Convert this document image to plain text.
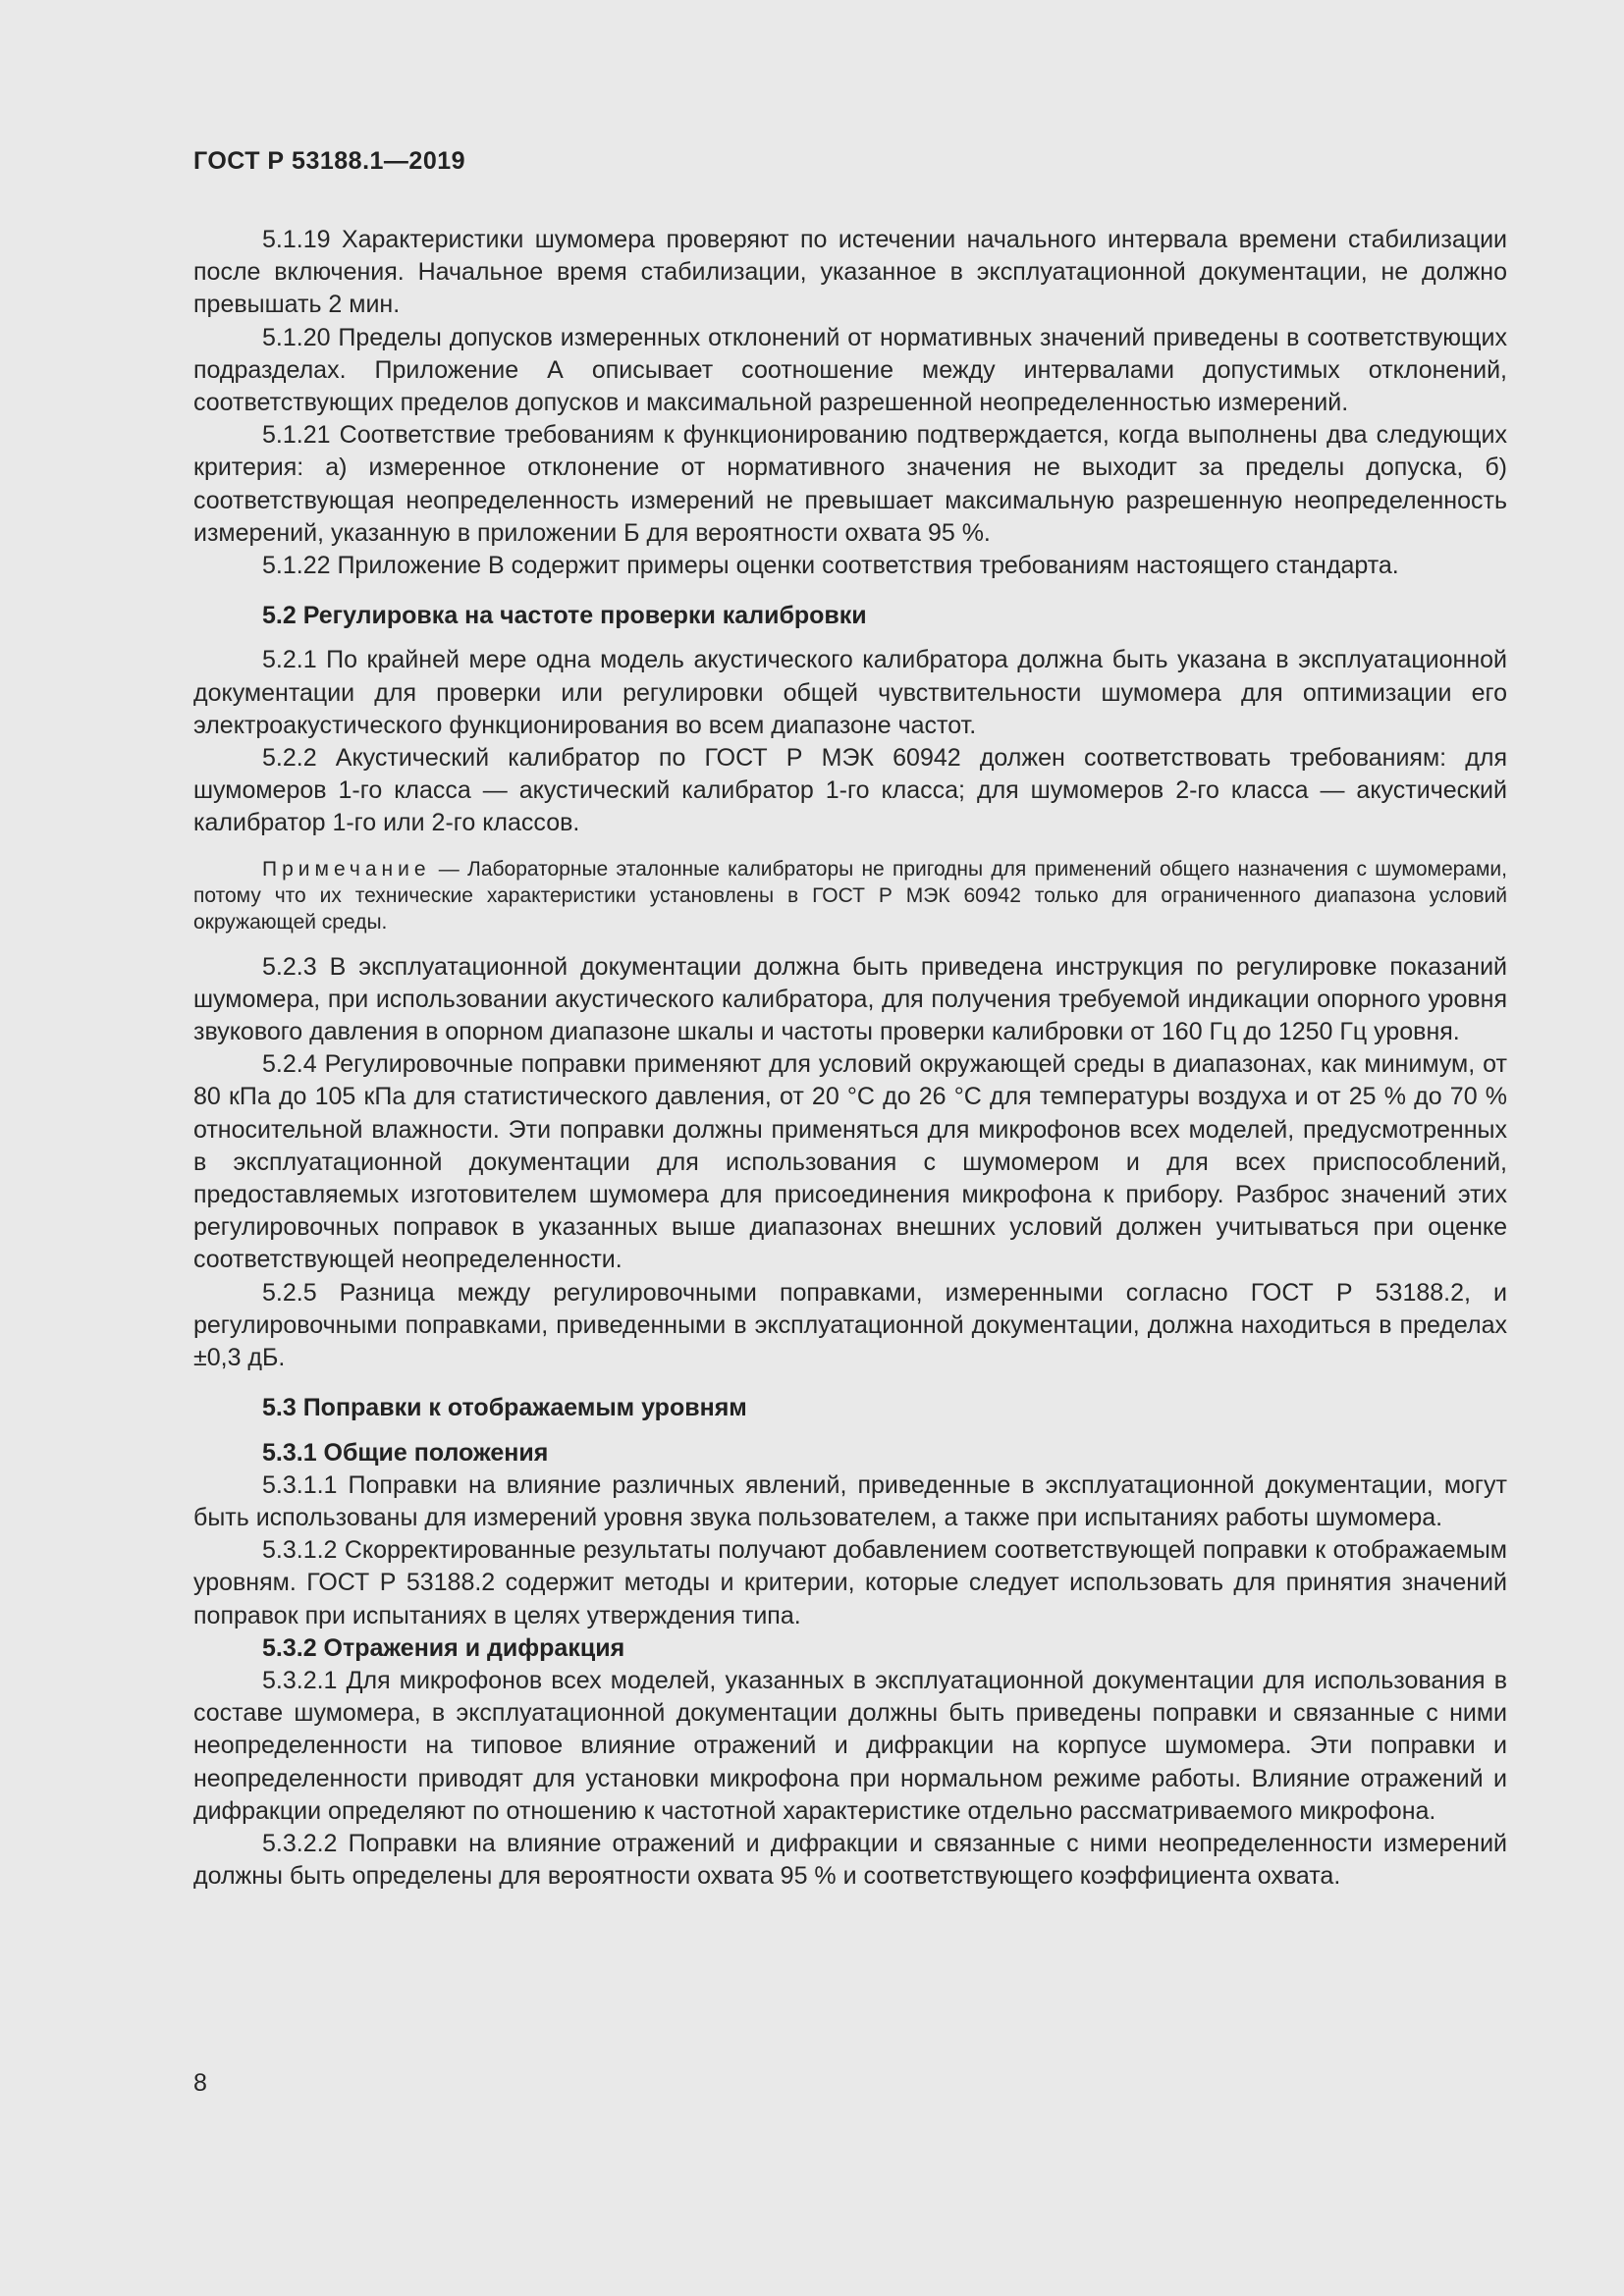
ГОСТ Р 53188.1—2019

5.1.19 Характеристики шумомера проверяют по истечении начального интервала времени стабилизации после включения. Начальное время стабилизации, указанное в эксплуатационной документации, не должно превышать 2 мин.

5.1.20 Пределы допусков измеренных отклонений от нормативных значений приведены в соответствующих подразделах. Приложение А описывает соотношение между интервалами допустимых отклонений, соответствующих пределов допусков и максимальной разрешенной неопределенностью измерений.

5.1.21 Соответствие требованиям к функционированию подтверждается, когда выполнены два следующих критерия: а) измеренное отклонение от нормативного значения не выходит за пределы допуска, б) соответствующая неопределенность измерений не превышает максимальную разрешенную неопределенность измерений, указанную в приложении Б для вероятности охвата 95 %.

5.1.22 Приложение В содержит примеры оценки соответствия требованиям настоящего стандарта.

5.2 Регулировка на частоте проверки калибровки

5.2.1 По крайней мере одна модель акустического калибратора должна быть указана в эксплуатационной документации для проверки или регулировки общей чувствительности шумомера для оптимизации его электроакустического функционирования во всем диапазоне частот.

5.2.2 Акустический калибратор по ГОСТ Р МЭК 60942 должен соответствовать требованиям: для шумомеров 1-го класса — акустический калибратор 1-го класса; для шумомеров 2-го класса — акустический калибратор 1-го или 2-го классов.

Примечание — Лабораторные эталонные калибраторы не пригодны для применений общего назначения с шумомерами, потому что их технические характеристики установлены в ГОСТ Р МЭК 60942 только для ограниченного диапазона условий окружающей среды.

5.2.3 В эксплуатационной документации должна быть приведена инструкция по регулировке показаний шумомера, при использовании акустического калибратора, для получения требуемой индикации опорного уровня звукового давления в опорном диапазоне шкалы и частоты проверки калибровки от 160 Гц до 1250 Гц уровня.

5.2.4 Регулировочные поправки применяют для условий окружающей среды в диапазонах, как минимум, от 80 кПа до 105 кПа для статистического давления, от 20 °С до 26 °С для температуры воздуха и от 25 % до 70 % относительной влажности. Эти поправки должны применяться для микрофонов всех моделей, предусмотренных в эксплуатационной документации для использования с шумомером и для всех приспособлений, предоставляемых изготовителем шумомера для присоединения микрофона к прибору. Разброс значений этих регулировочных поправок в указанных выше диапазонах внешних условий должен учитываться при оценке соответствующей неопределенности.

5.2.5 Разница между регулировочными поправками, измеренными согласно ГОСТ Р 53188.2, и регулировочными поправками, приведенными в эксплуатационной документации, должна находиться в пределах ±0,3 дБ.

5.3 Поправки к отображаемым уровням

5.3.1 Общие положения

5.3.1.1 Поправки на влияние различных явлений, приведенные в эксплуатационной документации, могут быть использованы для измерений уровня звука пользователем, а также при испытаниях работы шумомера.

5.3.1.2 Скорректированные результаты получают добавлением соответствующей поправки к отображаемым уровням. ГОСТ Р 53188.2 содержит методы и критерии, которые следует использовать для принятия значений поправок при испытаниях в целях утверждения типа.

5.3.2 Отражения и дифракция

5.3.2.1 Для микрофонов всех моделей, указанных в эксплуатационной документации для использования в составе шумомера, в эксплуатационной документации должны быть приведены поправки и связанные с ними неопределенности на типовое влияние отражений и дифракции на корпусе шумомера. Эти поправки и неопределенности приводят для установки микрофона при нормальном режиме работы. Влияние отражений и дифракции определяют по отношению к частотной характеристике отдельно рассматриваемого микрофона.

5.3.2.2 Поправки на влияние отражений и дифракции и связанные с ними неопределенности измерений должны быть определены для вероятности охвата 95 % и соответствующего коэффициента охвата.

8
